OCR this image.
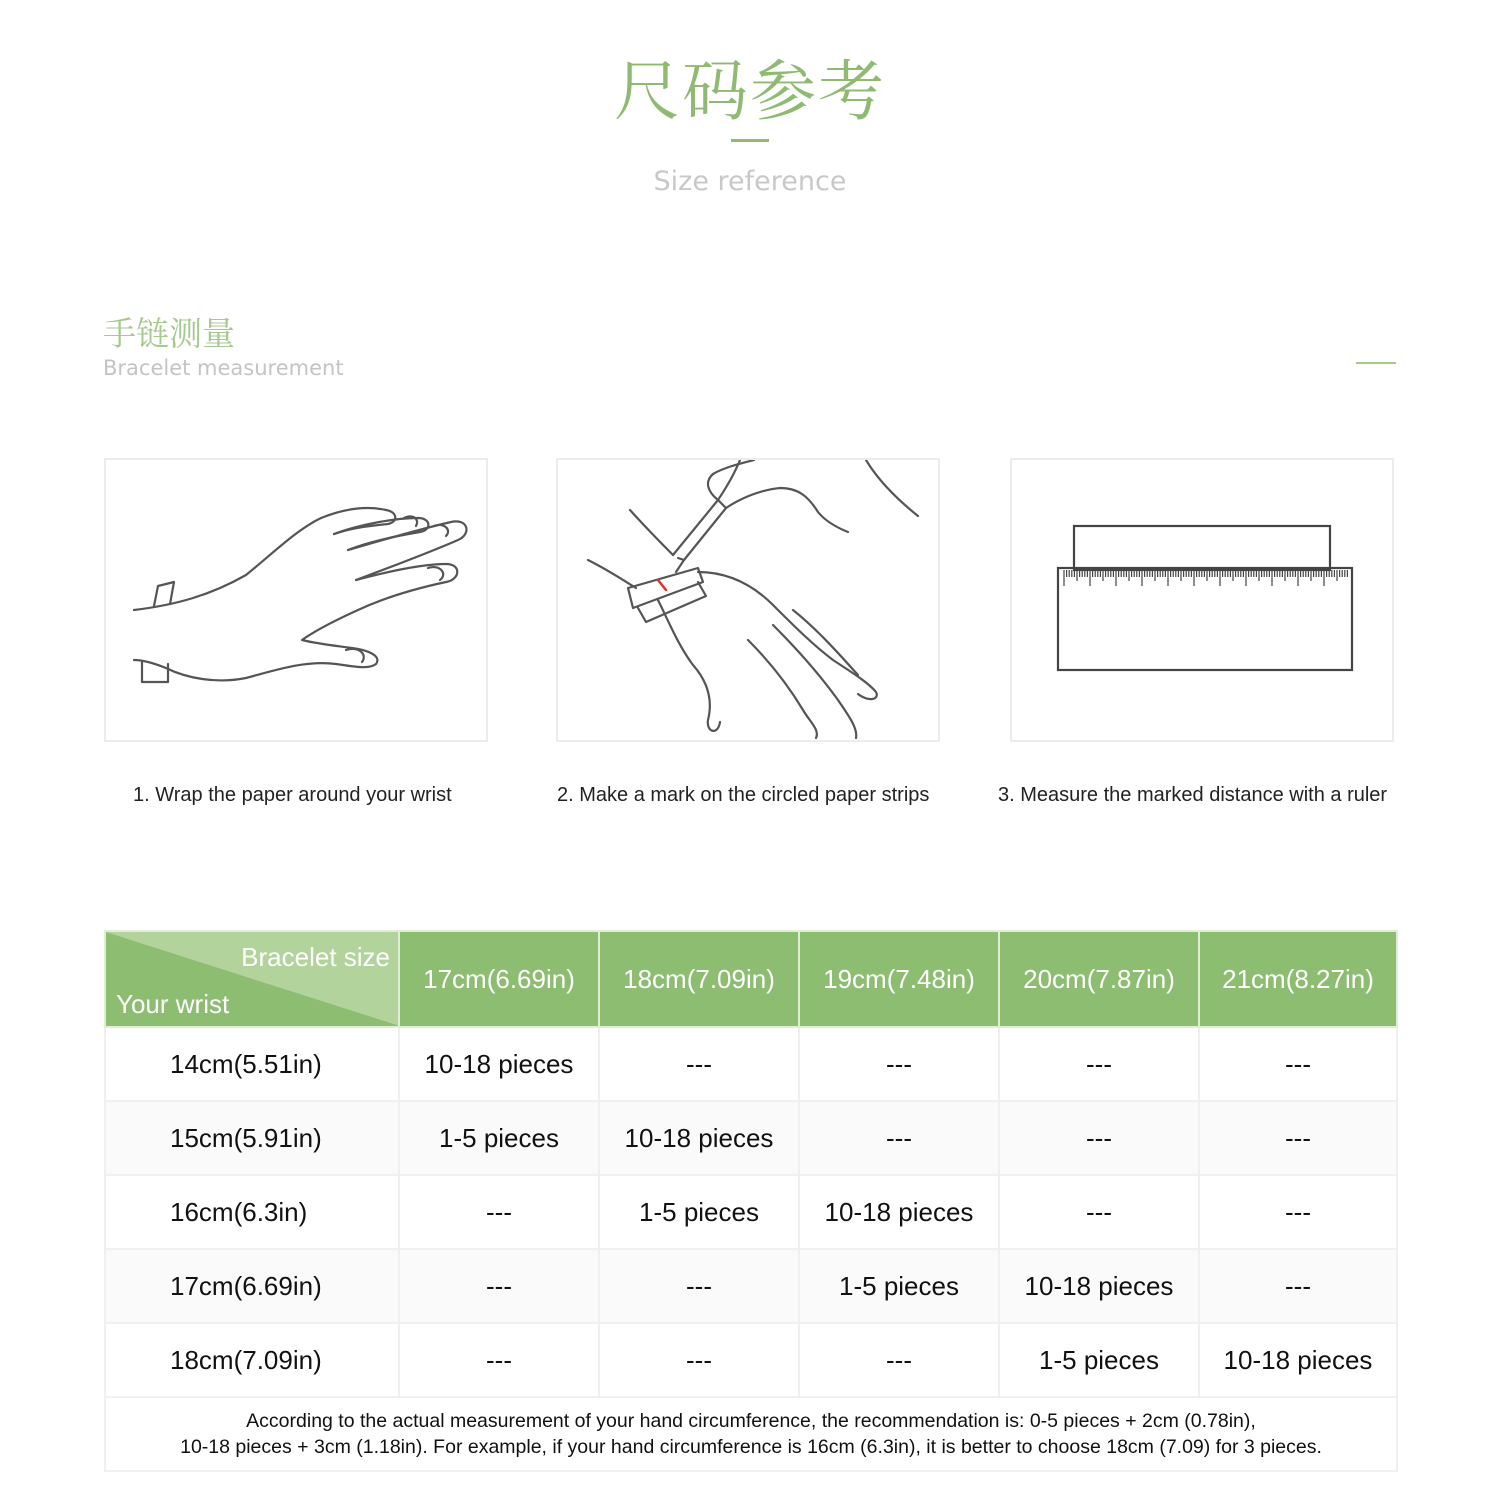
尺码参考
Size reference
手链测量
Bracelet measurement
1. Wrap the paper around your wrist	2. Make a mark on the circled paper strips	3. Measure the marked distance with a ruler
Bracelet size
Your wrist	17cm(6.69in)	18cm(7.09in)	19cm(7.48in)	20cm(7.87in)	21cm(8.27in)
14cm(5.51in)	10-18 pieces	---	---	---	---
15cm(5.91in)	1-5 pieces	10-18 pieces	---	---	---
16cm(6.3in)	---	1-5 pieces	10-18 pieces	---	---
17cm(6.69in)	---	---	1-5 pieces	10-18 pieces	---
18cm(7.09in)	---	---	---	1-5 pieces	10-18 pieces

According to the actual measurement of your hand circumference, the recommendation is: 0-5 pieces + 2cm (0.78in),
10-18 pieces + 3cm (1.18in). For example, if your hand circumference is 16cm (6.3in), it is better to choose 18cm (7.09) for 3 pieces.					
